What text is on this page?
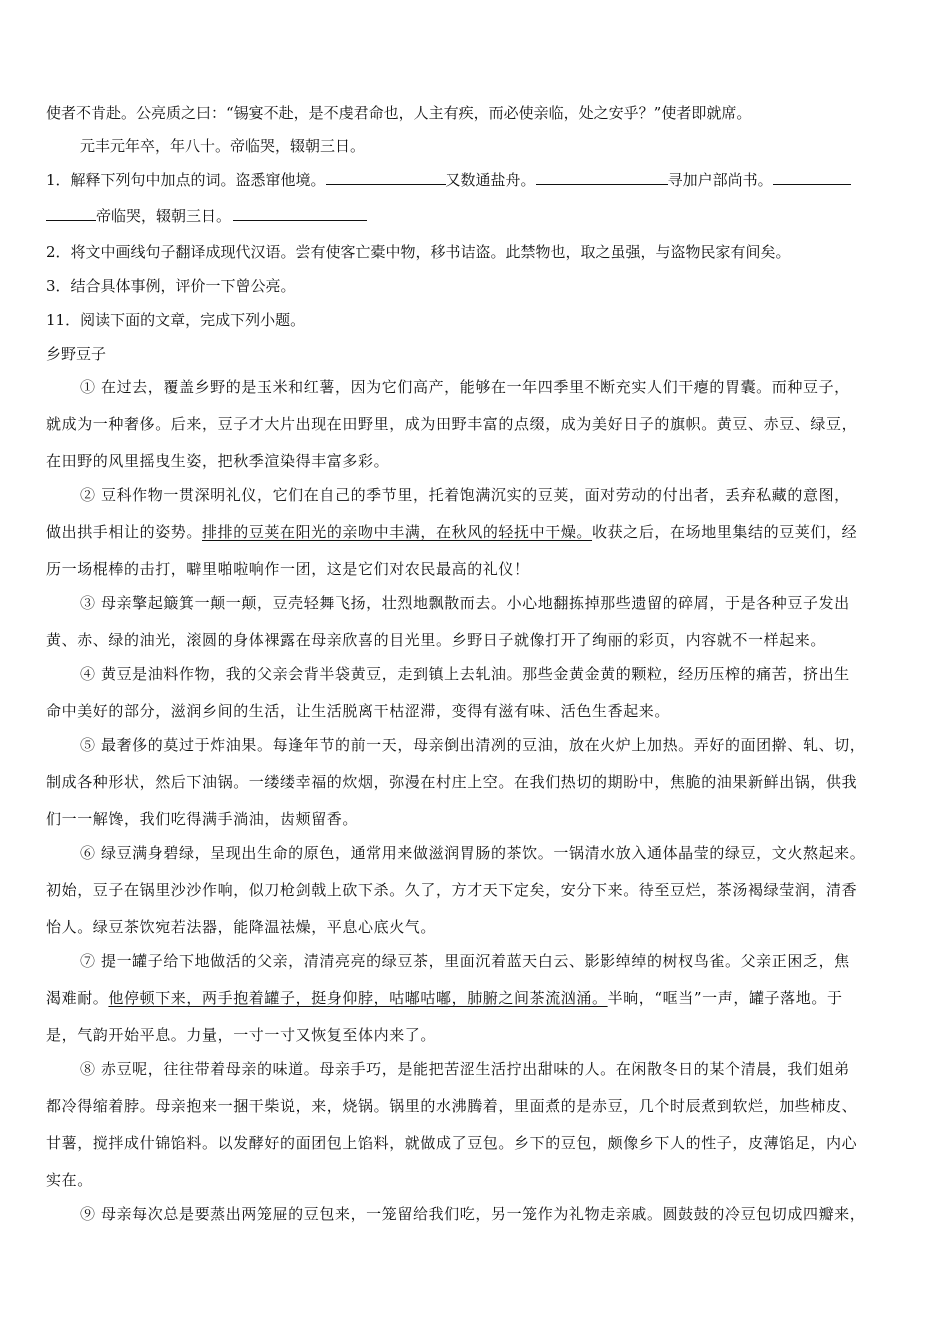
使者不肯赴。公亮质之曰：“锡宴不赴，是不虔君命也，人主有疾，而必使亲临，处之安乎？”使者即就席。
元丰元年卒，年八十。帝临哭，辍朝三日。
1．解释下列句中加点的词。盗悉窜他境。	又数通盐舟。	寻加户部尚书。
帝临哭，辍朝三日。
2．将文中画线句子翻译成现代汉语。尝有使客亡橐中物，移书诘盗。此禁物也，取之虽强，与盗物民家有间矣。
3．结合具体事例，评价一下曾公亮。
11．阅读下面的文章，完成下列小题。
乡野豆子
① 在过去，覆盖乡野的是玉米和红薯，因为它们高产，能够在一年四季里不断充实人们干瘪的胃囊。而种豆子，
就成为一种奢侈。后来，豆子才大片出现在田野里，成为田野丰富的点缀，成为美好日子的旗帜。黄豆、赤豆、绿豆，
在田野的风里摇曳生姿，把秋季渲染得丰富多彩。
② 豆科作物一贯深明礼仪，它们在自己的季节里，托着饱满沉实的豆荚，面对劳动的付出者，丢弃私藏的意图，
做出拱手相让的姿势。排排的豆荚在阳光的亲吻中丰满，在秋风的轻抚中干燥。收获之后，在场地里集结的豆荚们，经
历一场棍棒的击打，噼里啪啦响作一团，这是它们对农民最高的礼仪！
③ 母亲擎起簸箕一颠一颠，豆壳轻舞飞扬，壮烈地飘散而去。小心地翻拣掉那些遗留的碎屑，于是各种豆子发出
黄、赤、绿的油光，滚圆的身体裸露在母亲欣喜的目光里。乡野日子就像打开了绚丽的彩页，内容就不一样起来。
④ 黄豆是油料作物，我的父亲会背半袋黄豆，走到镇上去轧油。那些金黄金黄的颗粒，经历压榨的痛苦，挤出生
命中美好的部分，滋润乡间的生活，让生活脱离干枯涩滞，变得有滋有味、活色生香起来。
⑤ 最奢侈的莫过于炸油果。每逢年节的前一天，母亲倒出清冽的豆油，放在火炉上加热。弄好的面团擀、轧、切，
制成各种形状，然后下油锅。一缕缕幸福的炊烟，弥漫在村庄上空。在我们热切的期盼中，焦脆的油果新鲜出锅，供我
们一一解馋，我们吃得满手淌油，齿颊留香。
⑥ 绿豆满身碧绿，呈现出生命的原色，通常用来做滋润胃肠的茶饮。一锅清水放入通体晶莹的绿豆，文火熬起来。
初始，豆子在锅里沙沙作响，似刀枪剑戟上砍下杀。久了，方才天下定矣，安分下来。待至豆烂，茶汤褐绿莹润，清香
怡人。绿豆茶饮宛若法器，能降温祛燥，平息心底火气。
⑦ 提一罐子给下地做活的父亲，清清亮亮的绿豆茶，里面沉着蓝天白云、影影绰绰的树杈鸟雀。父亲正困乏，焦
渴难耐。他停顿下来，两手抱着罐子，挺身仰脖，咕嘟咕嘟，肺腑之间茶流汹涌。半晌，“哐当”一声，罐子落地。于
是，气韵开始平息。力量，一寸一寸又恢复至体内来了。
⑧ 赤豆呢，往往带着母亲的味道。母亲手巧，是能把苦涩生活拧出甜味的人。在闲散冬日的某个清晨，我们姐弟
都冷得缩着脖。母亲抱来一捆干柴说，来，烧锅。锅里的水沸腾着，里面煮的是赤豆，几个时辰煮到软烂，加些柿皮、
甘薯，搅拌成什锦馅料。以发酵好的面团包上馅料，就做成了豆包。乡下的豆包，颇像乡下人的性子，皮薄馅足，内心
实在。
⑨ 母亲每次总是要蒸出两笼屉的豆包来，一笼留给我们吃，另一笼作为礼物走亲戚。圆鼓鼓的冷豆包切成四瓣来，
